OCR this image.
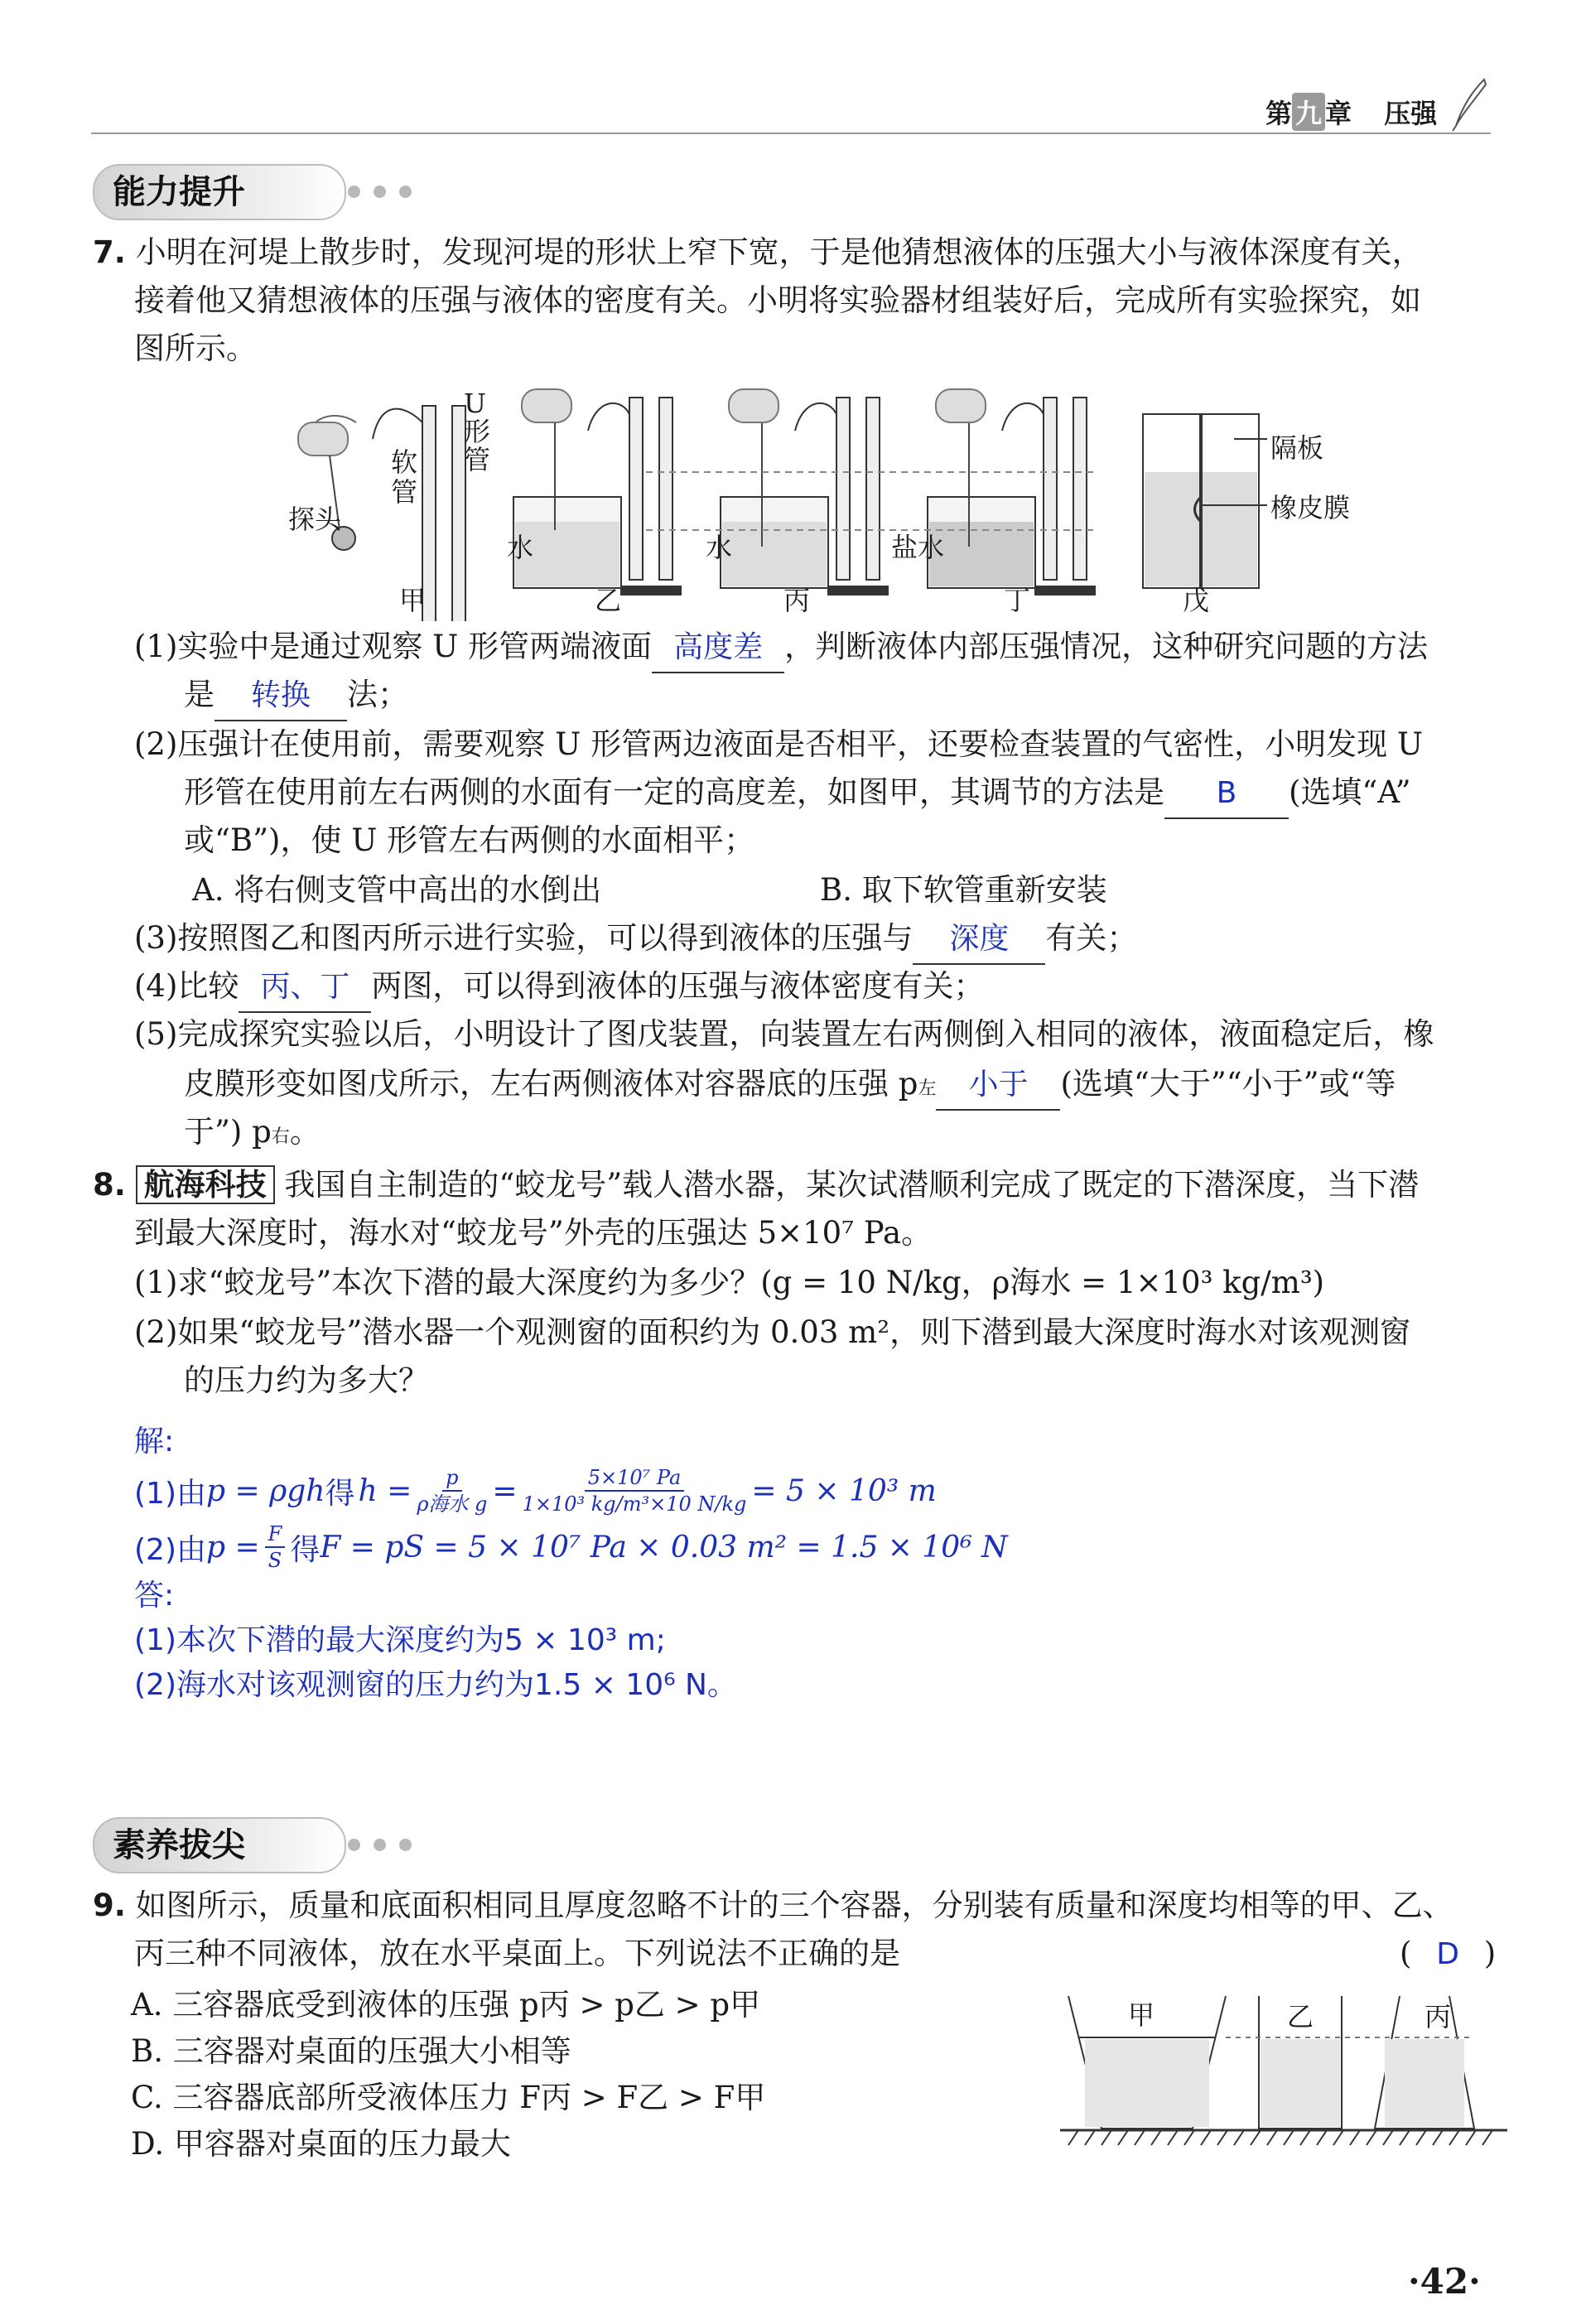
第 九 章 压强
能力提升
7. 小明在河堤上散步时，发现河堤的形状上窄下宽，于是他猜想液体的压强大小与液体深度有关，
接着他又猜想液体的压强与液体的密度有关。小明将实验器材组装好后，完成所有实验探究，如
图所示。
探头
软管
U形管
水	水	盐水
隔板
橡皮膜
甲	乙	丙	丁	戊
(1)实验中是通过观察 U 形管两端液面 高度差 ，判断液体内部压强情况，这种研究问题的方法
是 转换 法；
(2)压强计在使用前，需要观察 U 形管两边液面是否相平，还要检查装置的气密性，小明发现 U
形管在使用前左右两侧的水面有一定的高度差，如图甲，其调节的方法是 B (选填“A”
或“B”)，使 U 形管左右两侧的水面相平；
A. 将右侧支管中高出的水倒出	B. 取下软管重新安装
(3)按照图乙和图丙所示进行实验，可以得到液体的压强与 深度 有关；
(4)比较 丙、丁 两图，可以得到液体的压强与液体密度有关；
(5)完成探究实验以后，小明设计了图戊装置，向装置左右两侧倒入相同的液体，液面稳定后，橡
皮膜形变如图戊所示，左右两侧液体对容器底的压强 p左 小于 (选填“大于”“小于”或“等
于”) p右。
8. 航海科技 我国自主制造的“蛟龙号”载人潜水器，某次试潜顺利完成了既定的下潜深度，当下潜
到最大深度时，海水对“蛟龙号”外壳的压强达 5×10⁷ Pa。
(1)求“蛟龙号”本次下潜的最大深度约为多少？(g = 10 N/kg，ρ海水 = 1×10³ kg/m³)
(2)如果“蛟龙号”潜水器一个观测窗的面积约为 0.03 m²，则下潜到最大深度时海水对该观测窗
的压力约为多大？
解:
(1)由 p = ρgh 得 $h = \frac{p}{\text{ρ海水 g}} = \frac{\text{5×10⁷ Pa}}{\text{1×10³ kg/m³×10 N/kg}} = 5 \times 10^3$ m
(2)由 $p = \frac{F}{S}$ 得 F = pS = 5 × 10⁷ Pa × 0.03 m² = 1.5 × 10⁶ N
答:
(1)本次下潜的最大深度约为5 × 10³ m;
(2)海水对该观测窗的压力约为1.5 × 10⁶ N。
素养拔尖
9. 如图所示，质量和底面积相同且厚度忽略不计的三个容器，分别装有质量和深度均相等的甲、乙、
丙三种不同液体，放在水平桌面上。下列说法不正确的是	( D )
A. 三容器底受到液体的压强 p丙 > p乙 > p甲
B. 三容器对桌面的压强大小相等
C. 三容器底部所受液体压力 F丙 > F乙 > F甲
D. 甲容器对桌面的压力最大
甲	乙	丙
·42·
